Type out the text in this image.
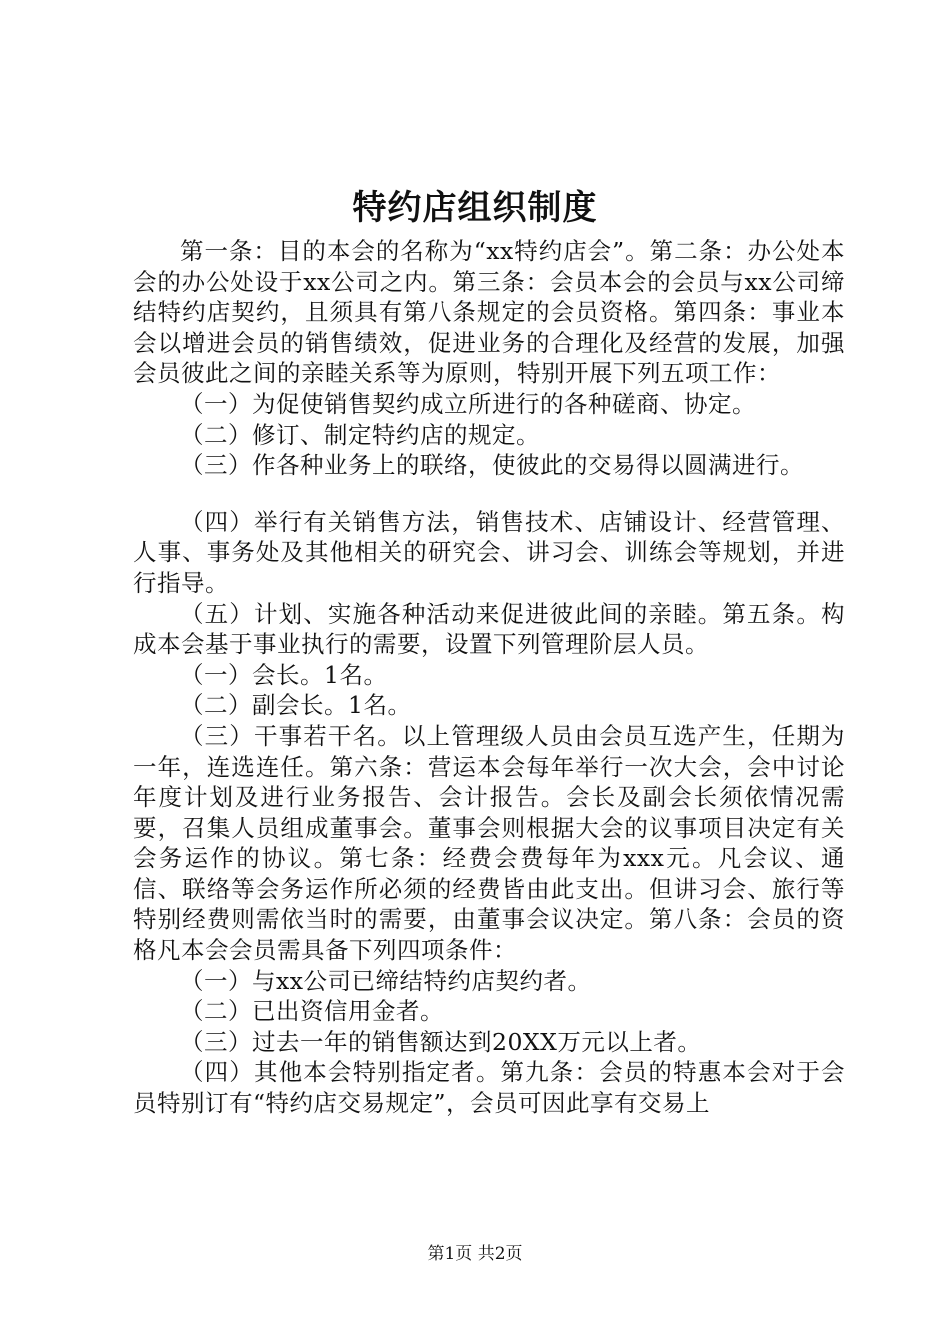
特约店组织制度

第一条：目的本会的名称为“xx特约店会”。第二条：办公处本会的办公处设于xx公司之内。第三条：会员本会的会员与xx公司缔结特约店契约，且须具有第八条规定的会员资格。第四条：事业本会以增进会员的销售绩效，促进业务的合理化及经营的发展，加强会员彼此之间的亲睦关系等为原则，特别开展下列五项工作：

（一）为促使销售契约成立所进行的各种磋商、协定。

（二）修订、制定特约店的规定。

（三）作各种业务上的联络，使彼此的交易得以圆满进行。

（四）举行有关销售方法，销售技术、店铺设计、经营管理、人事、事务处及其他相关的研究会、讲习会、训练会等规划，并进行指导。

（五）计划、实施各种活动来促进彼此间的亲睦。第五条。构成本会基于事业执行的需要，设置下列管理阶层人员。

（一）会长。1名。

（二）副会长。1名。

（三）干事若干名。以上管理级人员由会员互选产生，任期为一年，连选连任。第六条：营运本会每年举行一次大会，会中讨论年度计划及进行业务报告、会计报告。会长及副会长须依情况需要，召集人员组成董事会。董事会则根据大会的议事项目决定有关会务运作的协议。第七条：经费会费每年为xxx元。凡会议、通信、联络等会务运作所必须的经费皆由此支出。但讲习会、旅行等特别经费则需依当时的需要，由董事会议决定。第八条：会员的资格凡本会会员需具备下列四项条件：

（一）与xx公司已缔结特约店契约者。

（二）已出资信用金者。

（三）过去一年的销售额达到20XX万元以上者。

（四）其他本会特别指定者。第九条：会员的特惠本会对于会员特别订有“特约店交易规定”，会员可因此享有交易上

第1页 共2页
